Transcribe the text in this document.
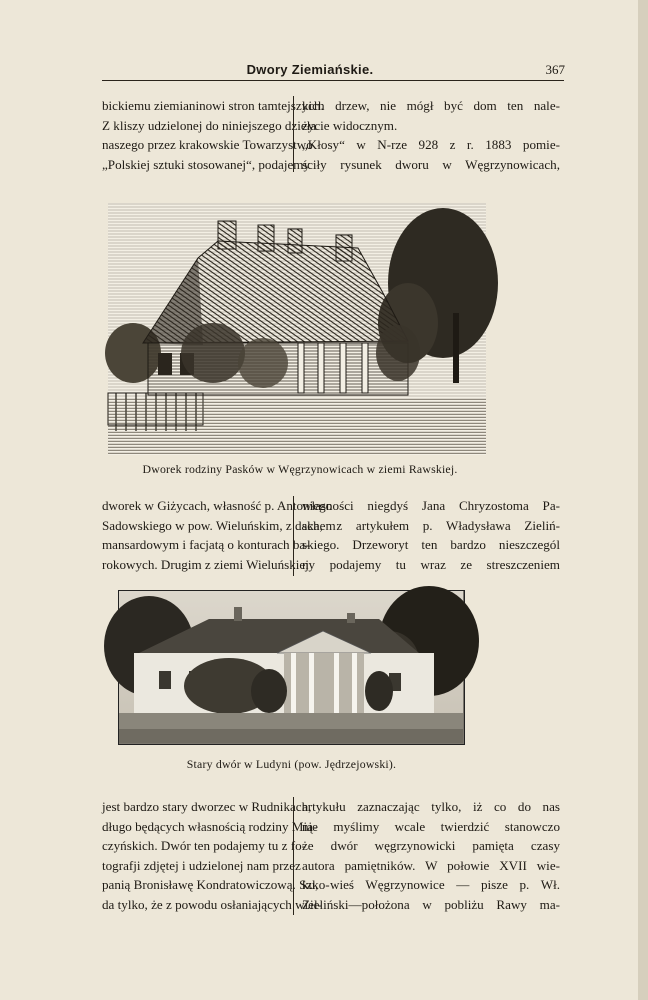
Dwory Ziemiańskie.	367
bickiemu ziemianinowi stron tamtejszych.
Z kliszy udzielonej do niniejszego dzieła
naszego przez krakowskie Towarzystwo
„Polskiej sztuki stosowanej“, podajemy
kich drzew, nie mógł być dom ten nale-
życie widocznym.
„Kłosy“ w N-rze 928 z r. 1883 pomie-
ściły rysunek dworu w Węgrzynowicach,
Dworek rodziny Pasków w Węgrzynowicach w ziemi Rawskiej.
dworek w Giżycach, własność p. Antoniego
Sadowskiego w pow. Wieluńskim, z dachem
mansardowym i facjatą o konturach ba-
rokowych. Drugim z ziemi Wieluńskiej
własności niegdyś Jana Chryzostoma Pa-
ska, z artykułem p. Władysława Zieliń-
skiego. Drzeworyt ten bardzo nieszczegól
ny podajemy tu wraz ze streszczeniem
Stary dwór w Ludyni (pow. Jędrzejowski).
jest bardzo stary dworzec w Rudnikach,
długo będących własnością rodziny Mią-
czyńskich. Dwór ten podajemy tu z fo-
tografji zdjętej i udzielonej nam przez
panią Bronisławę Kondratowiczową. Szko-
da tylko, że z powodu osłaniających wiel-
artykułu zaznaczając tylko, iż co do nas
nie myślimy wcale twierdzić stanowczo
że dwór węgrzynowicki pamięta czasy
autora pamiętników. W połowie XVII wie-
ku, wieś Węgrzynowice — pisze p. Wł.
Zieliński—położona w pobliżu Rawy ma-
